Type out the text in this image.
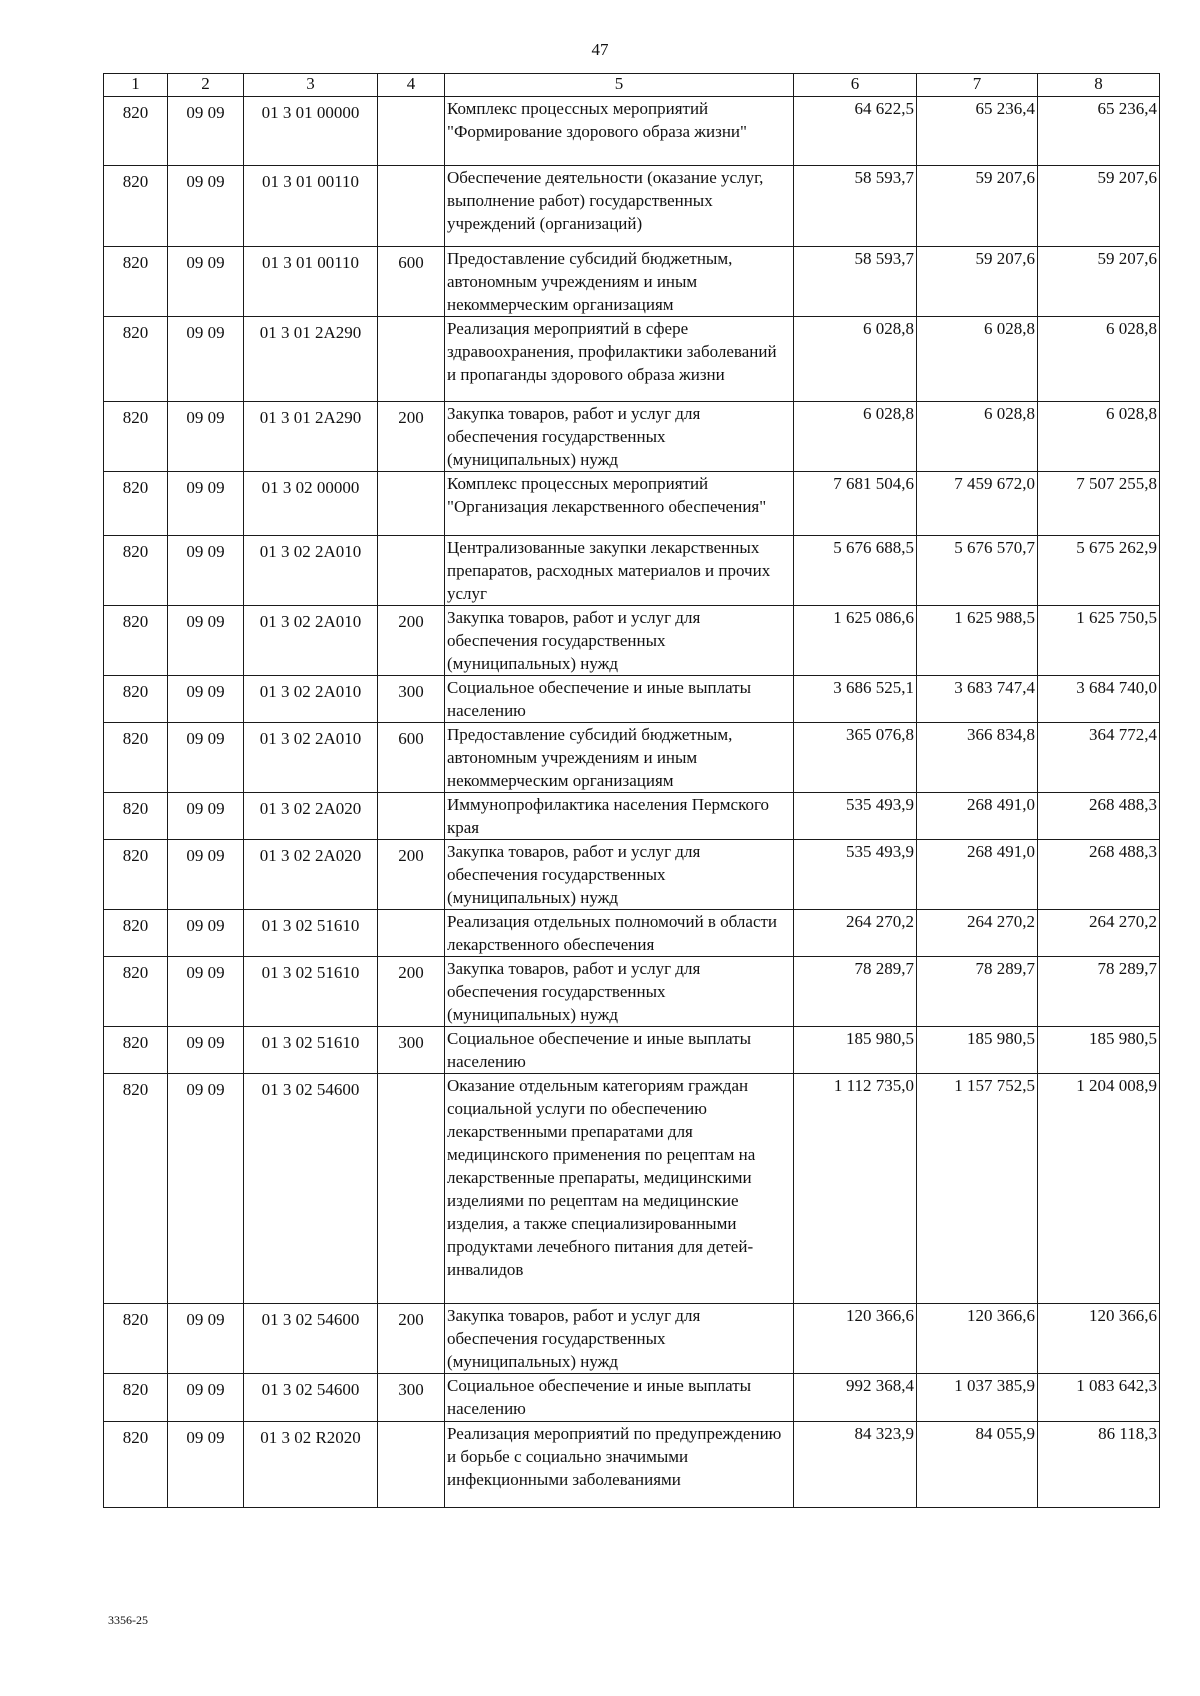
47
1	2	3	4	5	6	7	8
820	09 09	01 3 01 00000		Комплекс процессных мероприятий "Формирование здорового образа жизни"	64 622,5	65 236,4	65 236,4
820	09 09	01 3 01 00110		Обеспечение деятельности (оказание услуг, выполнение работ) государственных учреждений (организаций)	58 593,7	59 207,6	59 207,6
820	09 09	01 3 01 00110	600	Предоставление субсидий бюджетным, автономным учреждениям и иным некоммерческим организациям	58 593,7	59 207,6	59 207,6
820	09 09	01 3 01 2А290		Реализация мероприятий в сфере здравоохранения, профилактики заболеваний и пропаганды здорового образа жизни	6 028,8	6 028,8	6 028,8
820	09 09	01 3 01 2А290	200	Закупка товаров, работ и услуг для обеспечения государственных (муниципальных) нужд	6 028,8	6 028,8	6 028,8
820	09 09	01 3 02 00000		Комплекс процессных мероприятий "Организация лекарственного обеспечения"	7 681 504,6	7 459 672,0	7 507 255,8
820	09 09	01 3 02 2А010		Централизованные закупки лекарственных препаратов, расходных материалов и прочих услуг	5 676 688,5	5 676 570,7	5 675 262,9
820	09 09	01 3 02 2А010	200	Закупка товаров, работ и услуг для обеспечения государственных (муниципальных) нужд	1 625 086,6	1 625 988,5	1 625 750,5
820	09 09	01 3 02 2А010	300	Социальное обеспечение и иные выплаты населению	3 686 525,1	3 683 747,4	3 684 740,0
820	09 09	01 3 02 2А010	600	Предоставление субсидий бюджетным, автономным учреждениям и иным некоммерческим организациям	365 076,8	366 834,8	364 772,4
820	09 09	01 3 02 2А020		Иммунопрофилактика населения Пермского края	535 493,9	268 491,0	268 488,3
820	09 09	01 3 02 2А020	200	Закупка товаров, работ и услуг для обеспечения государственных (муниципальных) нужд	535 493,9	268 491,0	268 488,3
820	09 09	01 3 02 51610		Реализация отдельных полномочий в области лекарственного обеспечения	264 270,2	264 270,2	264 270,2
820	09 09	01 3 02 51610	200	Закупка товаров, работ и услуг для обеспечения государственных (муниципальных) нужд	78 289,7	78 289,7	78 289,7
820	09 09	01 3 02 51610	300	Социальное обеспечение и иные выплаты населению	185 980,5	185 980,5	185 980,5
820	09 09	01 3 02 54600		Оказание отдельным категориям граждан социальной услуги по обеспечению лекарственными препаратами для медицинского применения по рецептам на лекарственные препараты, медицинскими изделиями по рецептам на медицинские изделия, а также специализированными продуктами лечебного питания для детей-инвалидов	1 112 735,0	1 157 752,5	1 204 008,9
820	09 09	01 3 02 54600	200	Закупка товаров, работ и услуг для обеспечения государственных (муниципальных) нужд	120 366,6	120 366,6	120 366,6
820	09 09	01 3 02 54600	300	Социальное обеспечение и иные выплаты населению	992 368,4	1 037 385,9	1 083 642,3
820	09 09	01 3 02 R2020		Реализация мероприятий по предупреждению и борьбе с социально значимыми инфекционными заболеваниями	84 323,9	84 055,9	86 118,3
3356-25
